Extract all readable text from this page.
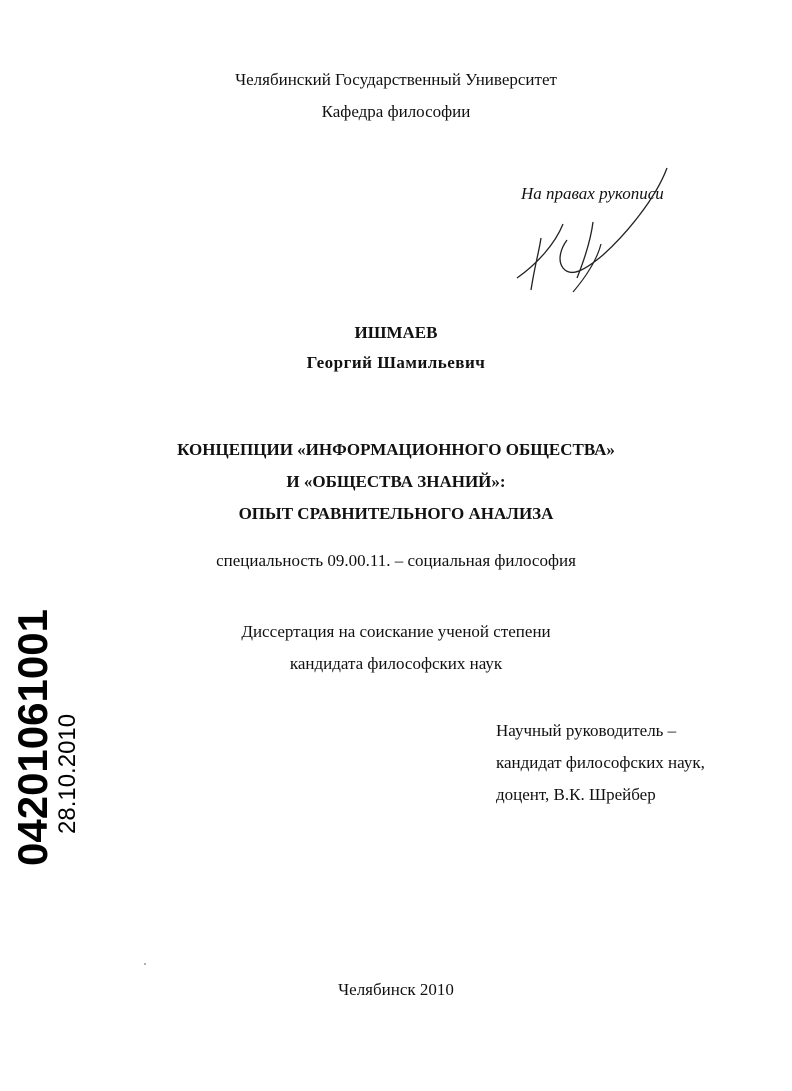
Челябинский Государственный Университет
Кафедра философии
На правах рукописи
ИШМАЕВ
Георгий Шамильевич
КОНЦЕПЦИИ «ИНФОРМАЦИОННОГО ОБЩЕСТВА»
И «ОБЩЕСТВА ЗНАНИЙ»:
ОПЫТ СРАВНИТЕЛЬНОГО АНАЛИЗА
специальность 09.00.11. – социальная философия
Диссертация на соискание ученой степени
кандидата философских наук
Научный руководитель –
кандидат философских наук,
доцент, В.К. Шрейбер
Челябинск 2010
04201061001
28.10.2010
